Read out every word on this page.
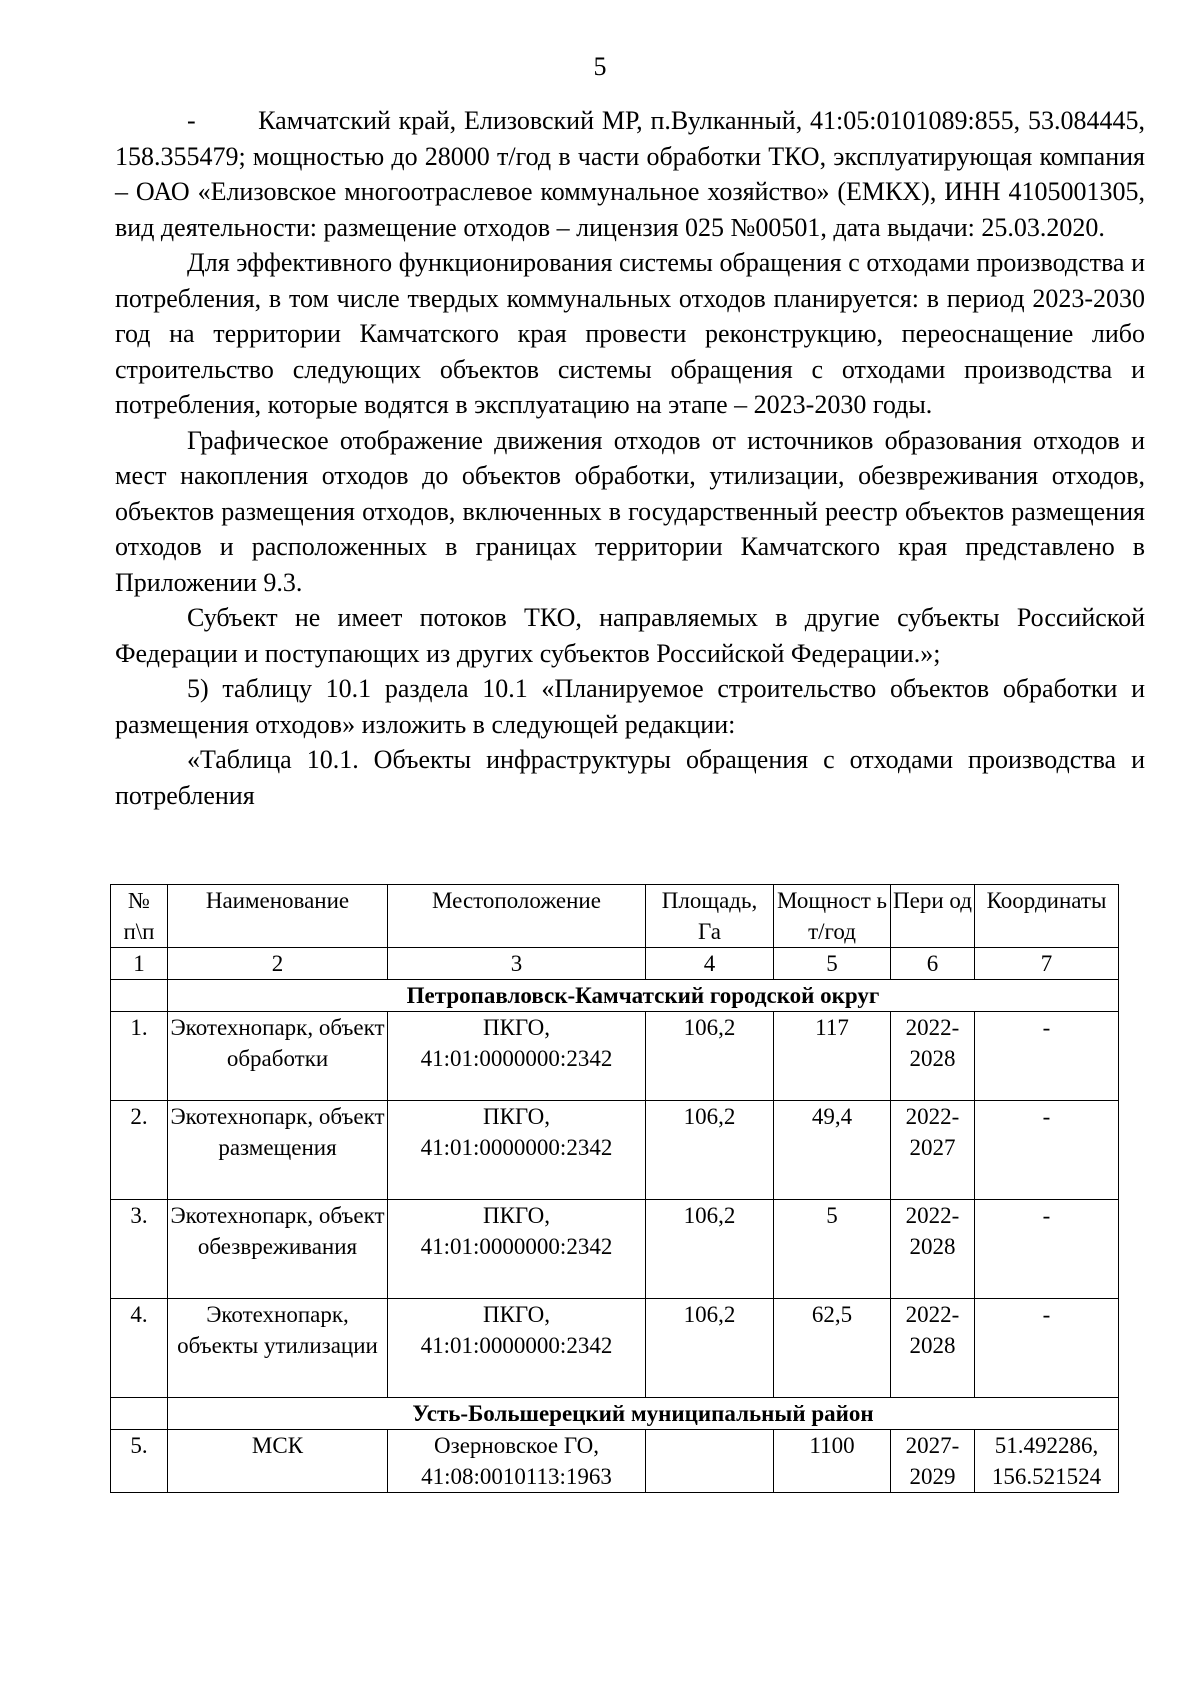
5

-        Камчатский край, Елизовский МР, п.Вулканный, 41:05:0101089:855, 53.084445, 158.355479; мощностью до 28000 т/год в части обработки ТКО, эксплуатирующая компания – ОАО «Елизовское многоотраслевое коммунальное хозяйство» (ЕМКХ), ИНН 4105001305, вид деятельности: размещение отходов – лицензия 025 №00501, дата выдачи: 25.03.2020.

Для эффективного функционирования системы обращения с отходами производства и потребления, в том числе твердых коммунальных отходов планируется: в период 2023-2030 год на территории Камчатского края провести реконструкцию, переоснащение либо строительство следующих объектов системы обращения с отходами производства и потребления, которые водятся в эксплуатацию на этапе – 2023-2030 годы.

Графическое отображение движения отходов от источников образования отходов и мест накопления отходов до объектов обработки, утилизации, обезвреживания отходов, объектов размещения отходов, включенных в государственный реестр объектов размещения отходов и расположенных в границах территории Камчатского края представлено в Приложении 9.3.

Субъект не имеет потоков ТКО, направляемых в другие субъекты Российской Федерации и поступающих из других субъектов Российской Федерации.»;

5) таблицу 10.1 раздела 10.1 «Планируемое строительство объектов обработки и размещения отходов» изложить в следующей редакции:

«Таблица 10.1. Объекты инфраструктуры обращения с отходами производства и потребления

№ п\п	Наименование	Местоположение	Площадь, Га	Мощност ь т/год	Пери од	Координаты
1	2	3	4	5	6	7
	Петропавловск-Камчатский городской округ					
1.	Экотехнопарк, объект обработки	ПКГО, 41:01:0000000:2342	106,2	117	2022-2028	-
2.	Экотехнопарк, объект размещения	ПКГО, 41:01:0000000:2342	106,2	49,4	2022-2027	-
3.	Экотехнопарк, объект обезвреживания	ПКГО, 41:01:0000000:2342	106,2	5	2022-2028	-
4.	Экотехнопарк, объекты утилизации	ПКГО, 41:01:0000000:2342	106,2	62,5	2022-2028	-
	Усть-Большерецкий муниципальный район					
5.	МСК	Озерновское ГО, 41:08:0010113:1963		1100	2027-2029	51.492286, 156.521524
